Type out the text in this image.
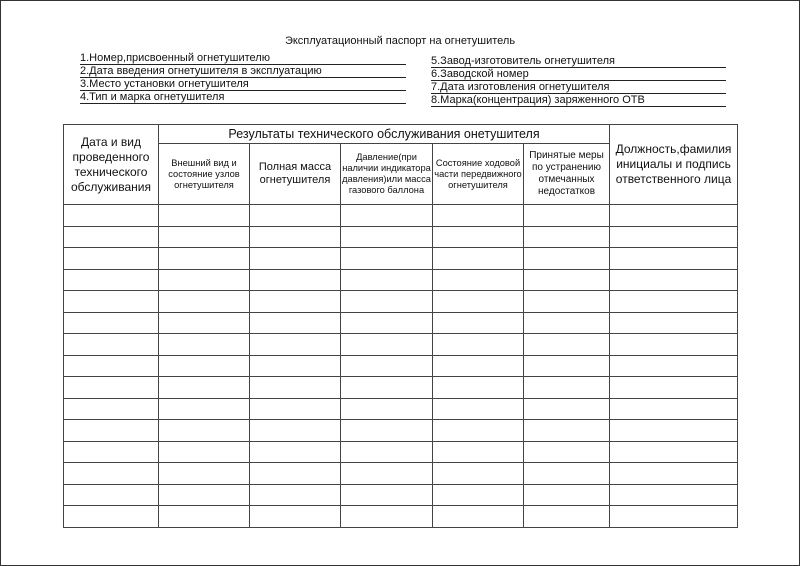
Эксплуатационный паспорт на огнетушитель
1.Номер,присвоенный огнетушителю
2.Дата введения огнетушителя в эксплуатацию
3.Место установки огнетушителя
4.Тип и марка огнетушителя
5.Завод-изготовитель огнетушителя
6.Заводской номер
7.Дата изготовления огнетушителя
8.Марка(концентрация) заряженного ОТВ
Дата и вид проведенного технического обслуживания	Результаты технического обслуживания онетушителя					Должность,фамилия инициалы и подпись ответственного лица
	Внешний вид и состояние узлов огнетушителя	Полная масса огнетушителя	Давление(при наличии индикатора давления)или масса газового баллона	Состояние ходовой части передвижного огнетушителя	Принятые меры по устранению отмечанных недостатков	
